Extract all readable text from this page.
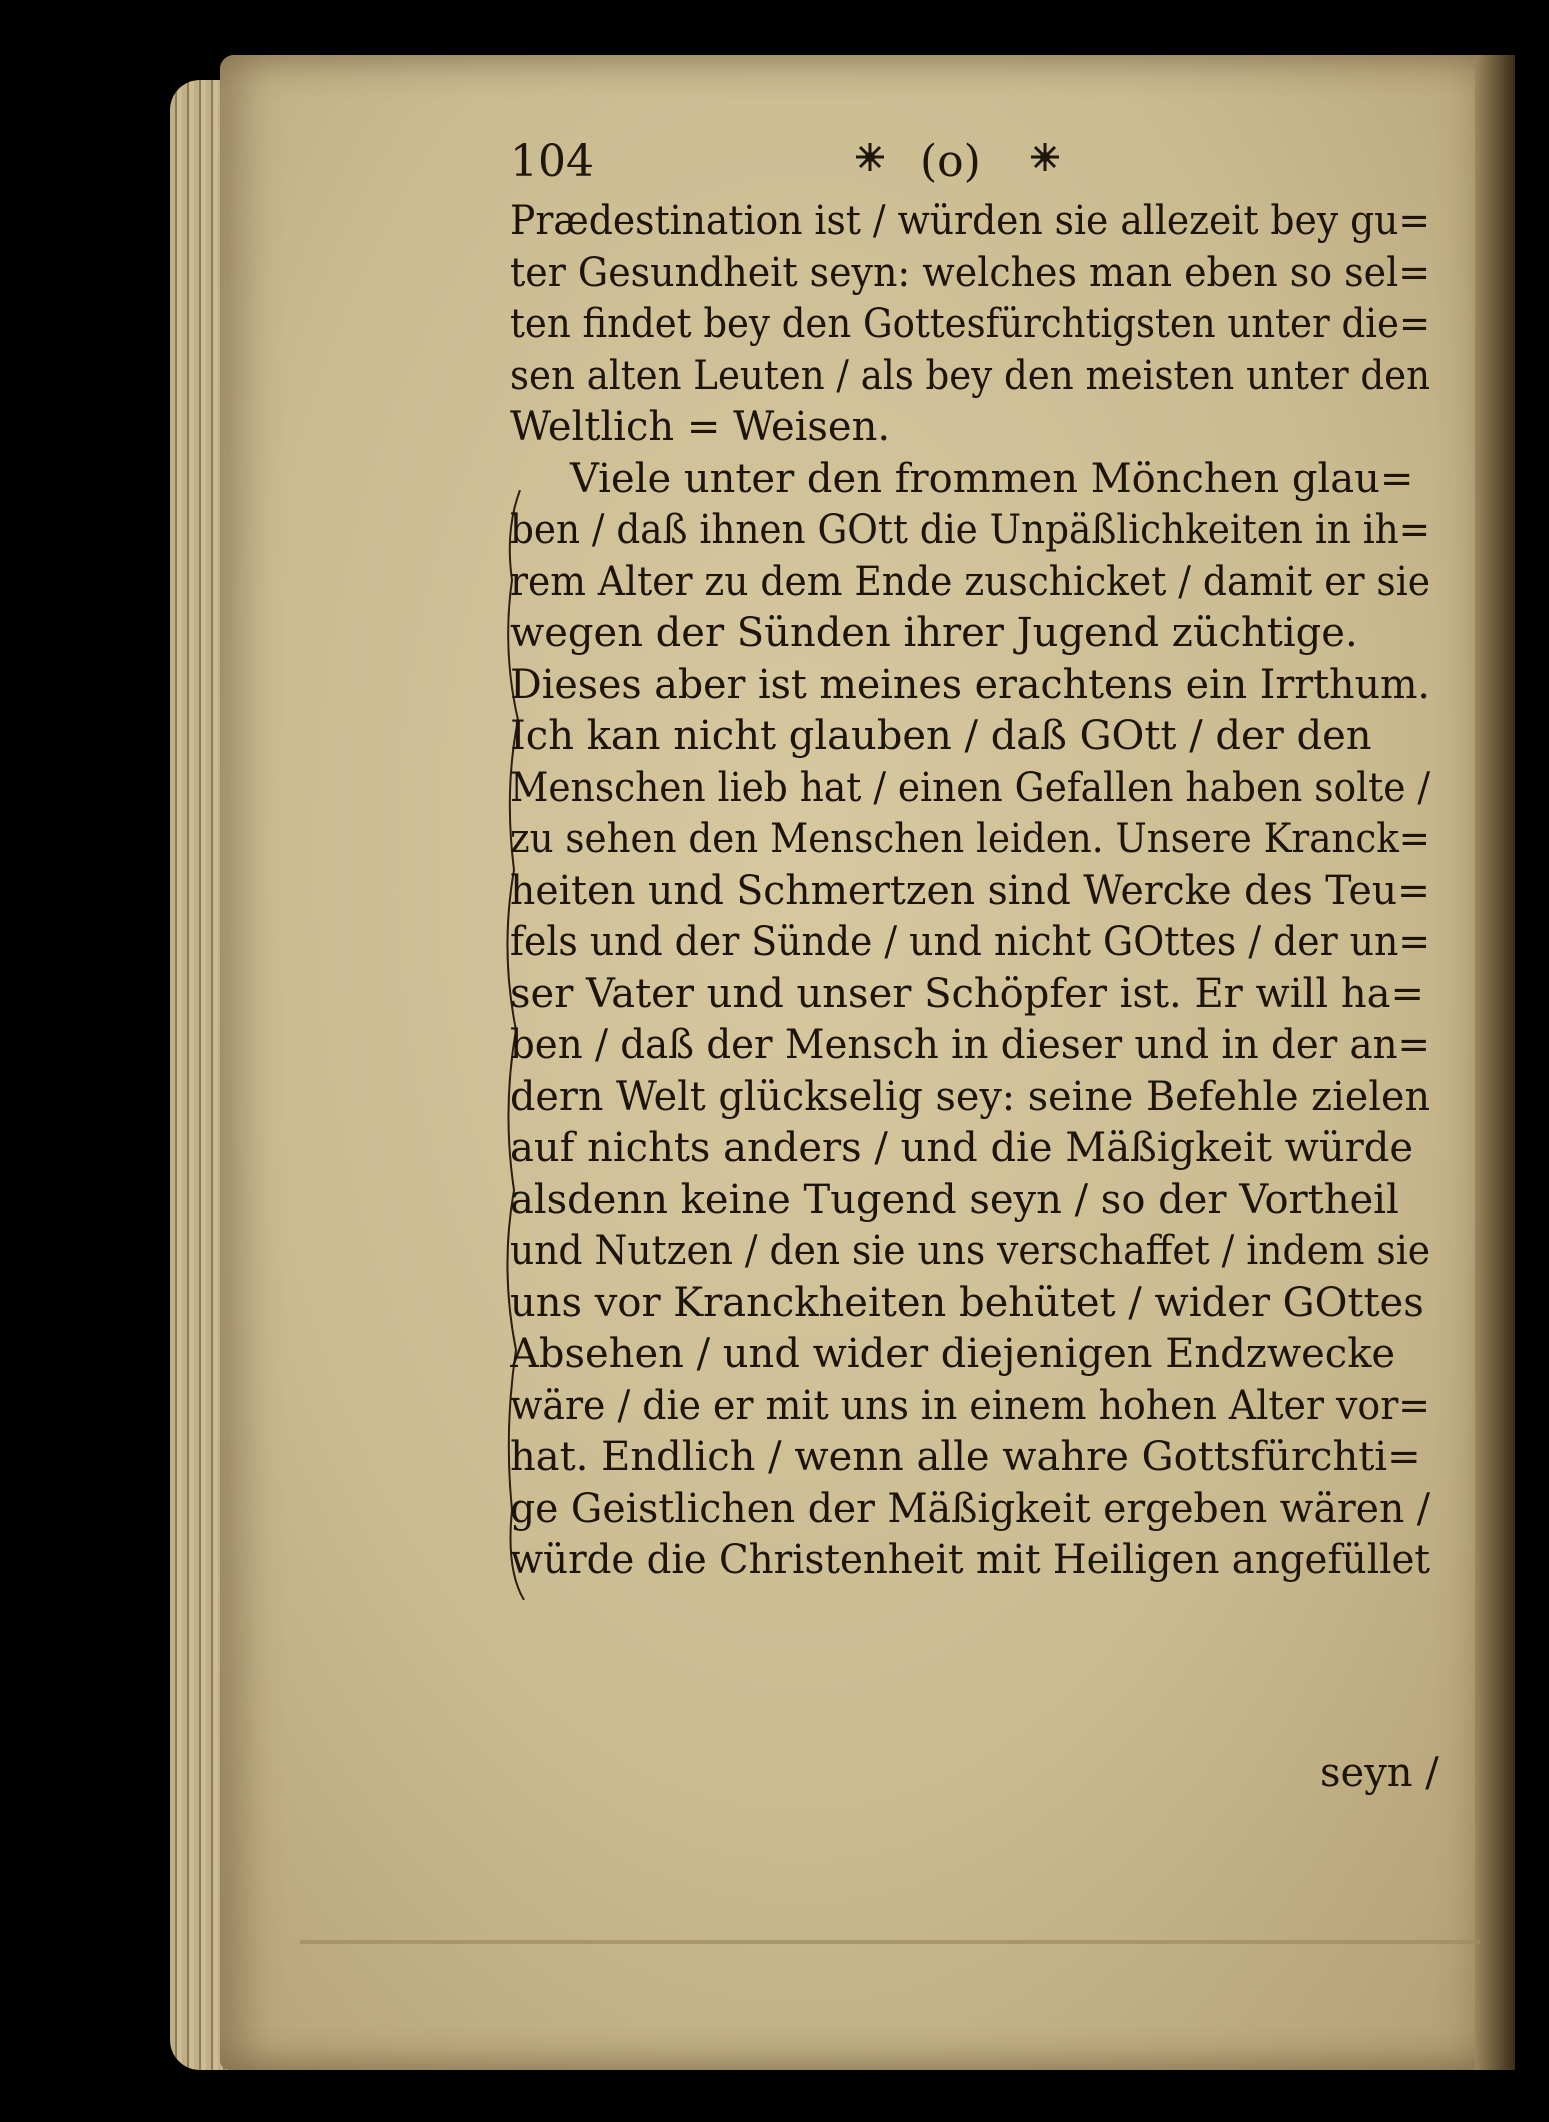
104	(o)
Prædestination ist / würden sie allezeit bey gu=
ter Gesundheit seyn: welches man eben so sel=
ten findet bey den Gottesfürchtigsten unter die=
sen alten Leuten / als bey den meisten unter den
Weltlich = Weisen.
Viele unter den frommen Mönchen glau=
ben / daß ihnen GOtt die Unpäßlichkeiten in ih=
rem Alter zu dem Ende zuschicket / damit er sie
wegen der Sünden ihrer Jugend züchtige.
Dieses aber ist meines erachtens ein Irrthum.
Ich kan nicht glauben / daß GOtt / der den
Menschen lieb hat / einen Gefallen haben solte /
zu sehen den Menschen leiden. Unsere Kranck=
heiten und Schmertzen sind Wercke des Teu=
fels und der Sünde / und nicht GOttes / der un=
ser Vater und unser Schöpfer ist. Er will ha=
ben / daß der Mensch in dieser und in der an=
dern Welt glückselig sey: seine Befehle zielen
auf nichts anders / und die Mäßigkeit würde
alsdenn keine Tugend seyn / so der Vortheil
und Nutzen / den sie uns verschaffet / indem sie
uns vor Kranckheiten behütet / wider GOttes
Absehen / und wider diejenigen Endzwecke
wäre / die er mit uns in einem hohen Alter vor=
hat. Endlich / wenn alle wahre Gottsfürchti=
ge Geistlichen der Mäßigkeit ergeben wären /
würde die Christenheit mit Heiligen angefüllet
seyn /
